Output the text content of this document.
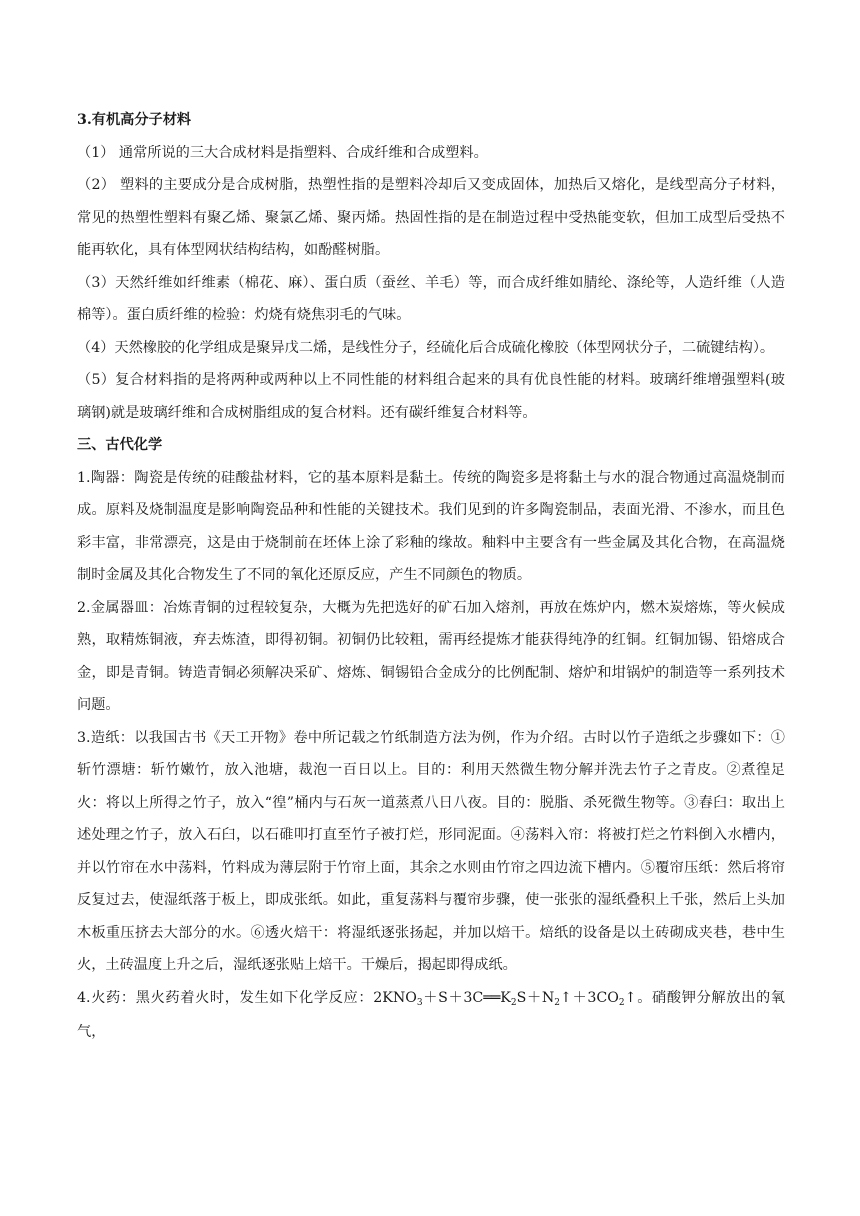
3.有机高分子材料

（1） 通常所说的三大合成材料是指塑料、合成纤维和合成塑料。

（2） 塑料的主要成分是合成树脂，热塑性指的是塑料冷却后又变成固体，加热后又熔化，是线型高分子材料，常见的热塑性塑料有聚乙烯、聚氯乙烯、聚丙烯。热固性指的是在制造过程中受热能变软，但加工成型后受热不能再软化，具有体型网状结构结构，如酚醛树脂。

（3）天然纤维如纤维素（棉花、麻）、蛋白质（蚕丝、羊毛）等，而合成纤维如腈纶、涤纶等，人造纤维（人造棉等）。蛋白质纤维的检验：灼烧有烧焦羽毛的气味。

（4）天然橡胶的化学组成是聚异戊二烯，是线性分子，经硫化后合成硫化橡胶（体型网状分子，二硫键结构）。

（5）复合材料指的是将两种或两种以上不同性能的材料组合起来的具有优良性能的材料。玻璃纤维增强塑料(玻璃钢)就是玻璃纤维和合成树脂组成的复合材料。还有碳纤维复合材料等。

三、古代化学

1.陶器：陶瓷是传统的硅酸盐材料，它的基本原料是黏土。传统的陶瓷多是将黏土与水的混合物通过高温烧制而成。原料及烧制温度是影响陶瓷品种和性能的关键技术。我们见到的许多陶瓷制品，表面光滑、不渗水，而且色彩丰富，非常漂亮，这是由于烧制前在坯体上涂了彩釉的缘故。釉料中主要含有一些金属及其化合物，在高温烧制时金属及其化合物发生了不同的氧化还原反应，产生不同颜色的物质。

2.金属器皿：冶炼青铜的过程较复杂，大概为先把选好的矿石加入熔剂，再放在炼炉内，燃木炭熔炼，等火候成熟，取精炼铜液，弃去炼渣，即得初铜。初铜仍比较粗，需再经提炼才能获得纯净的红铜。红铜加锡、铅熔成合金，即是青铜。铸造青铜必须解决采矿、熔炼、铜锡铅合金成分的比例配制、熔炉和坩锅炉的制造等一系列技术问题。

3.造纸：以我国古书《天工开物》卷中所记载之竹纸制造方法为例，作为介绍。古时以竹子造纸之步骤如下：①斩竹漂塘：斩竹嫩竹，放入池塘，裁泡一百日以上。目的：利用天然微生物分解并洗去竹子之青皮。②煮徨足火：将以上所得之竹子，放入“徨”桶内与石灰一道蒸煮八日八夜。目的：脱脂、杀死微生物等。③舂臼：取出上述处理之竹子，放入石臼，以石碓叩打直至竹子被打烂，形同泥面。④荡料入帘：将被打烂之竹料倒入水槽内，并以竹帘在水中荡料，竹料成为薄层附于竹帘上面，其余之水则由竹帘之四边流下槽内。⑤覆帘压纸：然后将帘反复过去，使湿纸落于板上，即成张纸。如此，重复荡料与覆帘步骤，使一张张的湿纸叠积上千张，然后上头加木板重压挤去大部分的水。⑥透火焙干：将湿纸逐张扬起，并加以焙干。焙纸的设备是以土砖砌成夹巷，巷中生火，土砖温度上升之后，湿纸逐张贴上焙干。干燥后，揭起即得成纸。

4.火药：黑火药着火时，发生如下化学反应：$2KNO_3+S+3C══K_2S+N_2↑+3CO_2↑$。硝酸钾分解放出的氧气，
